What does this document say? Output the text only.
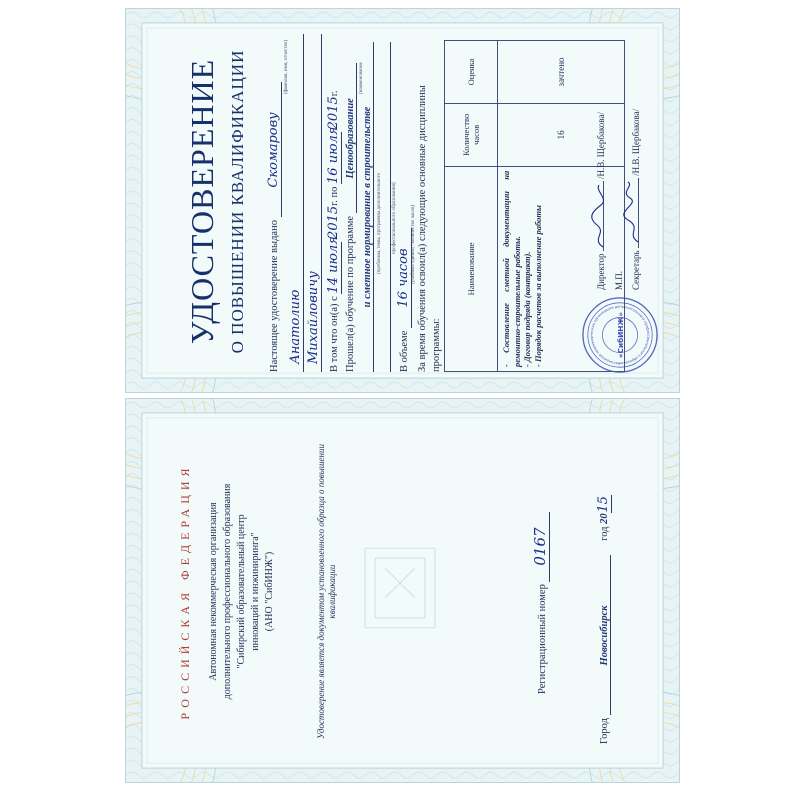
УДОСТОВЕРЕНИЕ О ПОВЫШЕНИИ КВАЛИФИКАЦИИ Настоящее удостоверение выдано Скомарову
(фамилия, имя, отчество)
Анатолию Михайловичу В том что он(а) с 14 июля 2015г. по 16 июля 2015г.
Прошел(а) обучение по программе Ценообразование
(наименование
и сметное нормирование в строительстве (проблемы, темы, программы дополнительного профессионального образования)
В объеме 16 часов (учебных единиц / количество часов) За время обучения освоил(а) следующие основные дисциплины программы:
Наименование	Количество часов	Оценка

- Составление сметной документации на ремонтно-строительные работы. - Договор подряда (контракт). - Порядок расчетов за выполнение работы	16	зачтено
Автономная некоммерческая организация дополнительного профессионального образован
«СибИНЖ»
Директор
/Н.В. Щербакова/
М.П. Секретарь
/Н.В. Щербакова/
РОССИЙСКАЯ ФЕДЕРАЦИЯ Автономная некоммерческая организация дополнительного профессионального образования "Сибирский образовательный центр инноваций и инжиниринга" (АНО "СибИНЖ")	Удостоверение является документом установленного образца о повышении квалификации	Регистрационный номер 0167
Город Новосибирск год 2015
